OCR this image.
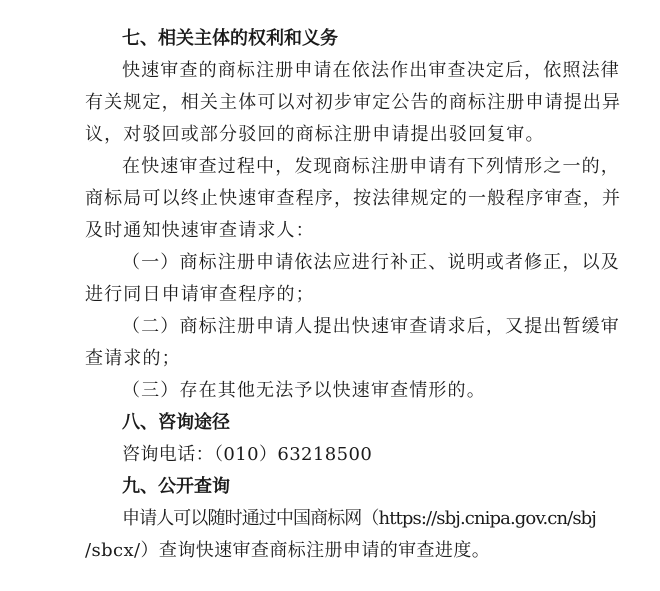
七、相关主体的权利和义务
快速审查的商标注册申请在依法作出审查决定后，依照法律
有关规定，相关主体可以对初步审定公告的商标注册申请提出异
议，对驳回或部分驳回的商标注册申请提出驳回复审。
在快速审查过程中，发现商标注册申请有下列情形之一的，
商标局可以终止快速审查程序，按法律规定的一般程序审查，并
及时通知快速审查请求人：
（一）商标注册申请依法应进行补正、说明或者修正，以及
进行同日申请审查程序的；
（二）商标注册申请人提出快速审查请求后，又提出暂缓审
查请求的；
（三）存在其他无法予以快速审查情形的。
八、咨询途径
咨询电话：（010）63218500
九、公开查询
申请人可以随时通过中国商标网（https://sbj.cnipa.gov.cn/sbj
/sbcx/）查询快速审查商标注册申请的审查进度。
